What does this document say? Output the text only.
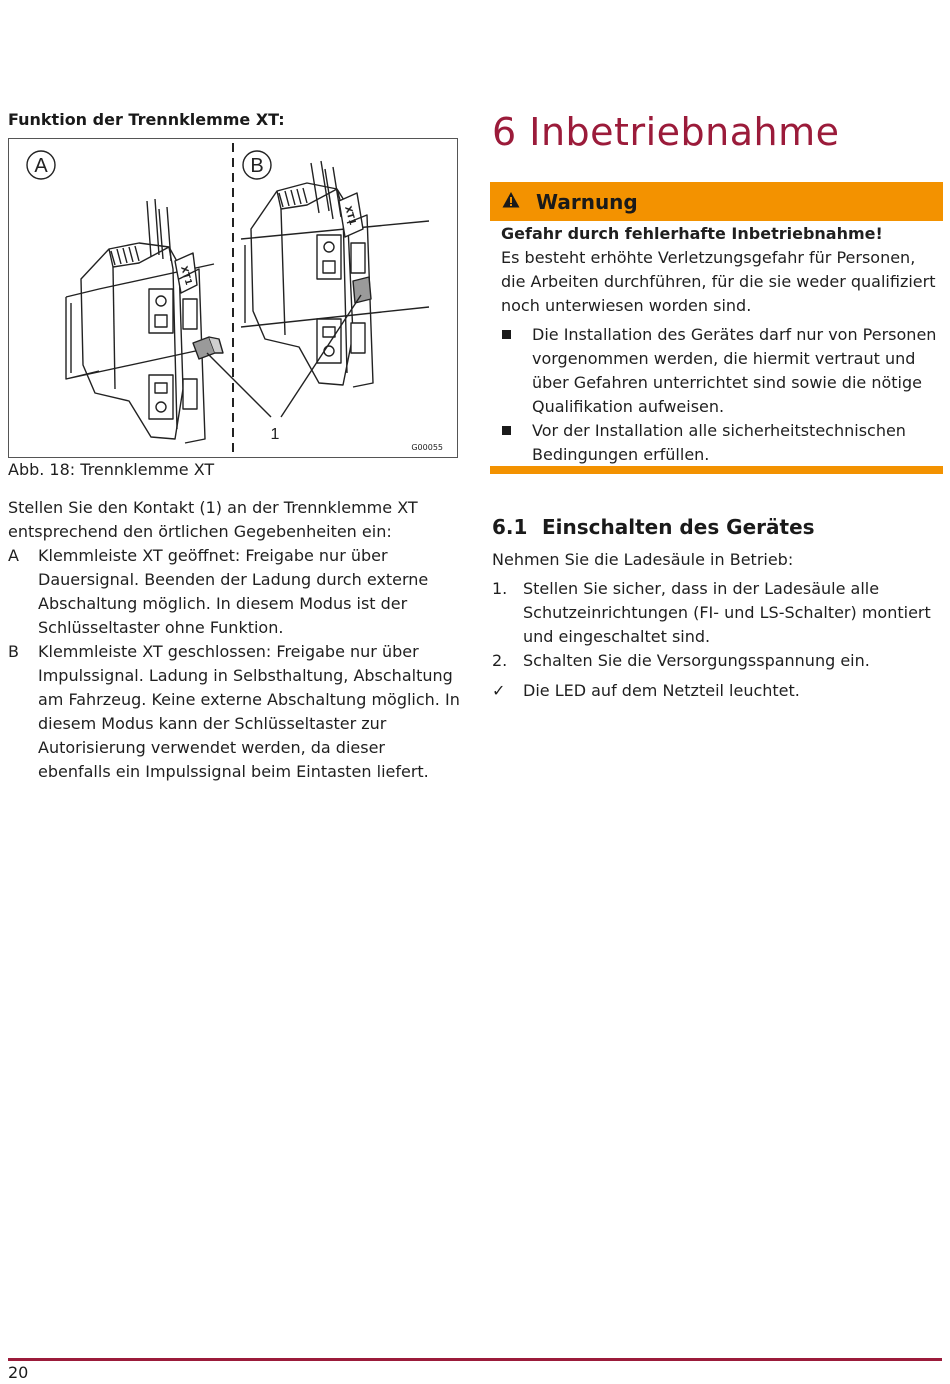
Funktion der Trennklemme XT:
A	B
1
XT1
XT1
G00055
Abb. 18: Trennklemme XT
Stellen Sie den Kontakt (1) an der Trennklemme XT entsprechend den örtlichen Gegebenheiten ein:
A	Klemmleiste XT geöffnet: Freigabe nur über Dauersignal. Beenden der Ladung durch externe Abschaltung möglich. In diesem Modus ist der Schlüsseltaster ohne Funktion.
B	Klemmleiste XT geschlossen: Freigabe nur über Impulssignal. Ladung in Selbsthaltung, Abschaltung am Fahrzeug. Keine externe Abschaltung möglich. In diesem Modus kann der Schlüsseltaster zur Autorisierung verwendet werden, da dieser ebenfalls ein Impulssignal beim Eintasten liefert.
6 Inbetriebnahme
Warnung
Gefahr durch fehlerhafte Inbetriebnahme!
Es besteht erhöhte Verletzungsgefahr für Personen, die Arbeiten durchführen, für die sie weder qualifiziert noch unterwiesen worden sind.
Die Installation des Gerätes darf nur von Personen vorgenommen werden, die hiermit vertraut und über Gefahren unterrichtet sind sowie die nötige Qualifikation aufweisen.
Vor der Installation alle sicherheitstechnischen Bedingungen erfüllen.
6.1 Einschalten des Gerätes
Nehmen Sie die Ladesäule in Betrieb:
1. Stellen Sie sicher, dass in der Ladesäule alle Schutzeinrichtungen (FI- und LS-Schalter) montiert und eingeschaltet sind.
2. Schalten Sie die Versorgungsspannung ein.
✓	Die LED auf dem Netzteil leuchtet.
20
